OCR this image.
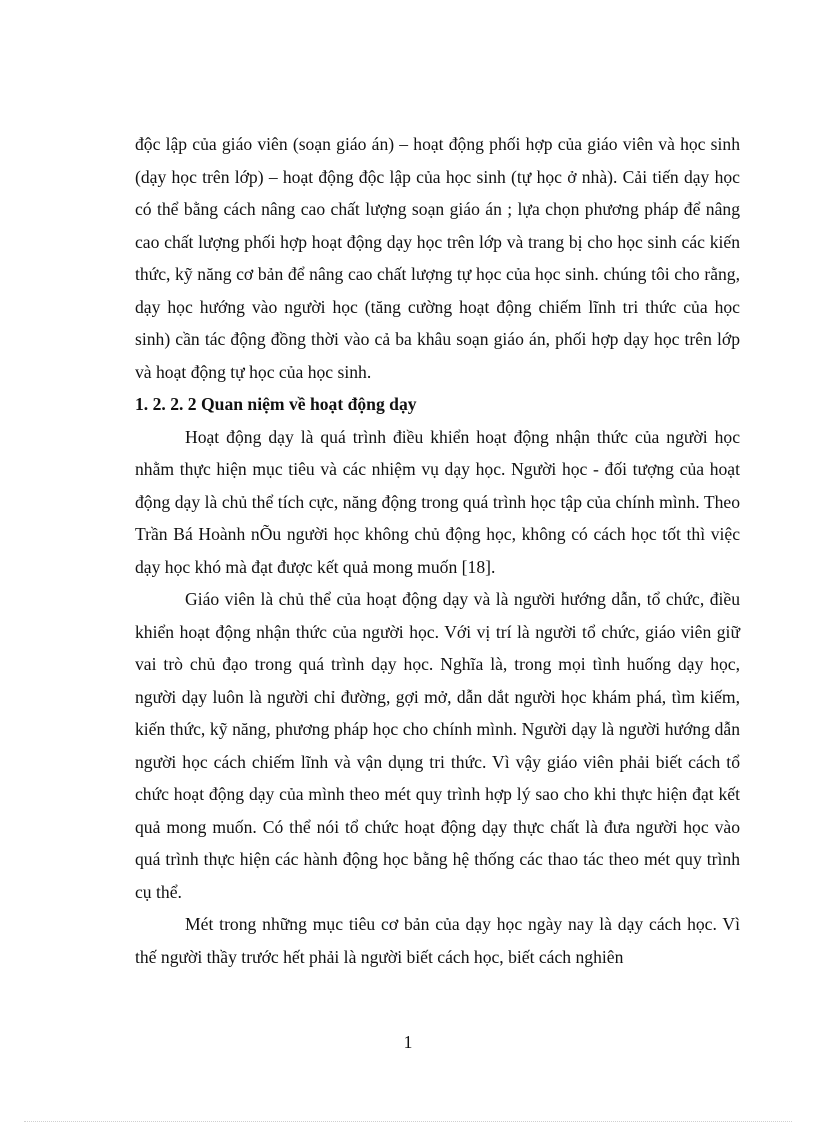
độc lập của giáo viên (soạn giáo án) – hoạt động phối hợp của giáo viên và học sinh (dạy học trên lớp) – hoạt động độc lập của học sinh (tự học ở nhà). Cải tiến dạy học có thể bằng cách nâng cao chất lượng soạn giáo án ; lựa chọn phương pháp để nâng cao chất lượng phối hợp hoạt động dạy học trên lớp và trang bị cho học sinh các kiến thức, kỹ năng cơ bản để nâng cao chất lượng tự học của học sinh. chúng tôi cho rằng, dạy học hướng vào người học (tăng cường hoạt động chiếm lĩnh tri thức của học sinh) cần tác động đồng thời vào cả ba khâu soạn giáo án, phối hợp dạy học trên lớp và hoạt động tự học của học sinh.

1. 2. 2. 2 Quan niệm về hoạt động dạy

Hoạt động dạy là quá trình điều khiển hoạt động nhận thức của người học nhằm thực hiện mục tiêu và các nhiệm vụ dạy học. Người học - đối tượng của hoạt động dạy là chủ thể tích cực, năng động trong quá trình học tập của chính mình. Theo Trần Bá Hoành nÕu người học không chủ động học, không có cách học tốt thì việc dạy học khó mà đạt được kết quả mong muốn [18].

Giáo viên là chủ thể của hoạt động dạy và là người hướng dẫn, tổ chức, điều khiển hoạt động nhận thức của người học. Với vị trí là người tổ chức, giáo viên giữ vai trò chủ đạo trong quá trình dạy học. Nghĩa là, trong mọi tình huống dạy học, người dạy luôn là người chỉ đường, gợi mở, dẫn dắt người học khám phá, tìm kiếm, kiến thức, kỹ năng, phương pháp học cho chính mình. Người dạy là người hướng dẫn người học cách chiếm lĩnh và vận dụng tri thức. Vì vậy giáo viên phải biết cách tổ chức hoạt động dạy của mình theo mét quy trình hợp lý sao cho khi thực hiện đạt kết quả mong muốn. Có thể nói tổ chức hoạt động dạy thực chất là đưa người học vào quá trình thực hiện các hành động học bằng hệ thống các thao tác theo mét quy trình cụ thể.

Mét trong những mục tiêu cơ bản của dạy học ngày nay là dạy cách học. Vì thế người thầy trước hết phải là người biết cách học, biết cách nghiên

1
